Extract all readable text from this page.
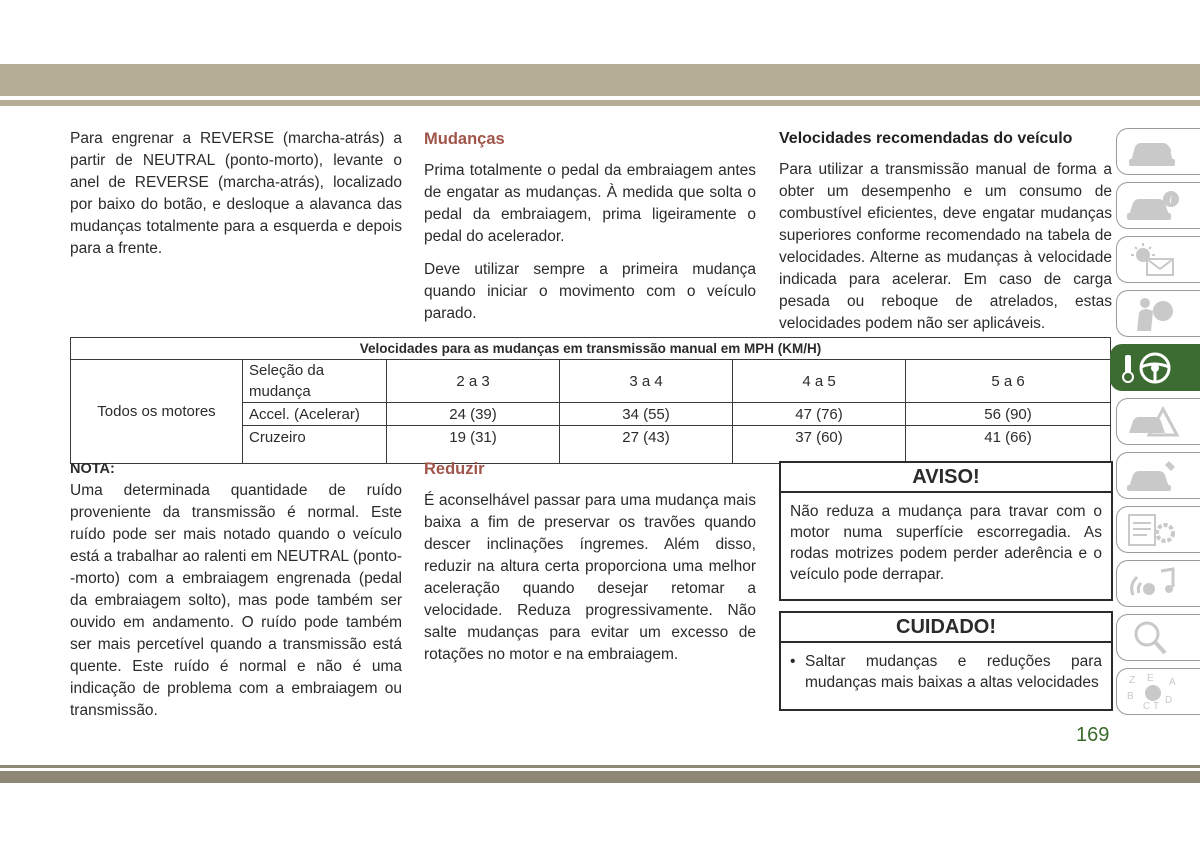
Para engrenar a REVERSE (marcha-atrás) a partir de NEUTRAL (ponto-morto), levante o anel de REVERSE (marcha-atrás), localizado por baixo do botão, e desloque a alavanca das mudanças totalmente para a esquerda e depois para a frente.

Mudanças

Prima totalmente o pedal da embraiagem antes de engatar as mudanças. À medida que solta o pedal da embraiagem, prima ligeiramente o pedal do acelerador.

Deve utilizar sempre a primeira mudança quando iniciar o movimento com o veículo parado.

Velocidades recomendadas do veículo

Para utilizar a transmissão manual de forma a obter um desempenho e um consumo de combustível eficientes, deve engatar mudanças superiores conforme recomendado na tabela de velocidades. Alterne as mudanças à velocidade indicada para acelerar. Em caso de carga pesada ou reboque de atrelados, estas velocidades podem não ser aplicáveis.

Velocidades para as mudanças em transmissão manual em MPH (KM/H)					
Todos os motores	Seleção da mudança	2 a 3	3 a 4	4 a 5	5 a 6
	Accel. (Acelerar)	24 (39)	34 (55)	47 (76)	56 (90)
	Cruzeiro	19 (31)	27 (43)	37 (60)	41 (66)
NOTA:

Uma determinada quantidade de ruído proveniente da transmissão é normal. Este ruído pode ser mais notado quando o veículo está a trabalhar ao ralenti em NEUTRAL (ponto--morto) com a embraiagem engrenada (pedal da embraiagem solto), mas pode também ser ouvido em andamento. O ruído pode também ser mais percetível quando a transmissão está quente. Este ruído é normal e não é uma indicação de problema com a embraiagem ou transmissão.

Reduzir

É aconselhável passar para uma mudança mais baixa a fim de preservar os travões quando descer inclinações íngremes. Além disso, reduzir na altura certa proporciona uma melhor aceleração quando desejar retomar a velocidade. Reduza progressivamente. Não salte mudanças para evitar um excesso de rotações no motor e na embraiagem.

AVISO!
Não reduza a mudança para travar com o motor numa superfície escorregadia. As rodas motrizes podem perder aderência e o veículo pode derrapar.
CUIDADO!
• Saltar mudanças e reduções para mudanças mais baixas a altas velocidades
169
i
Z E A
B	D
C T
